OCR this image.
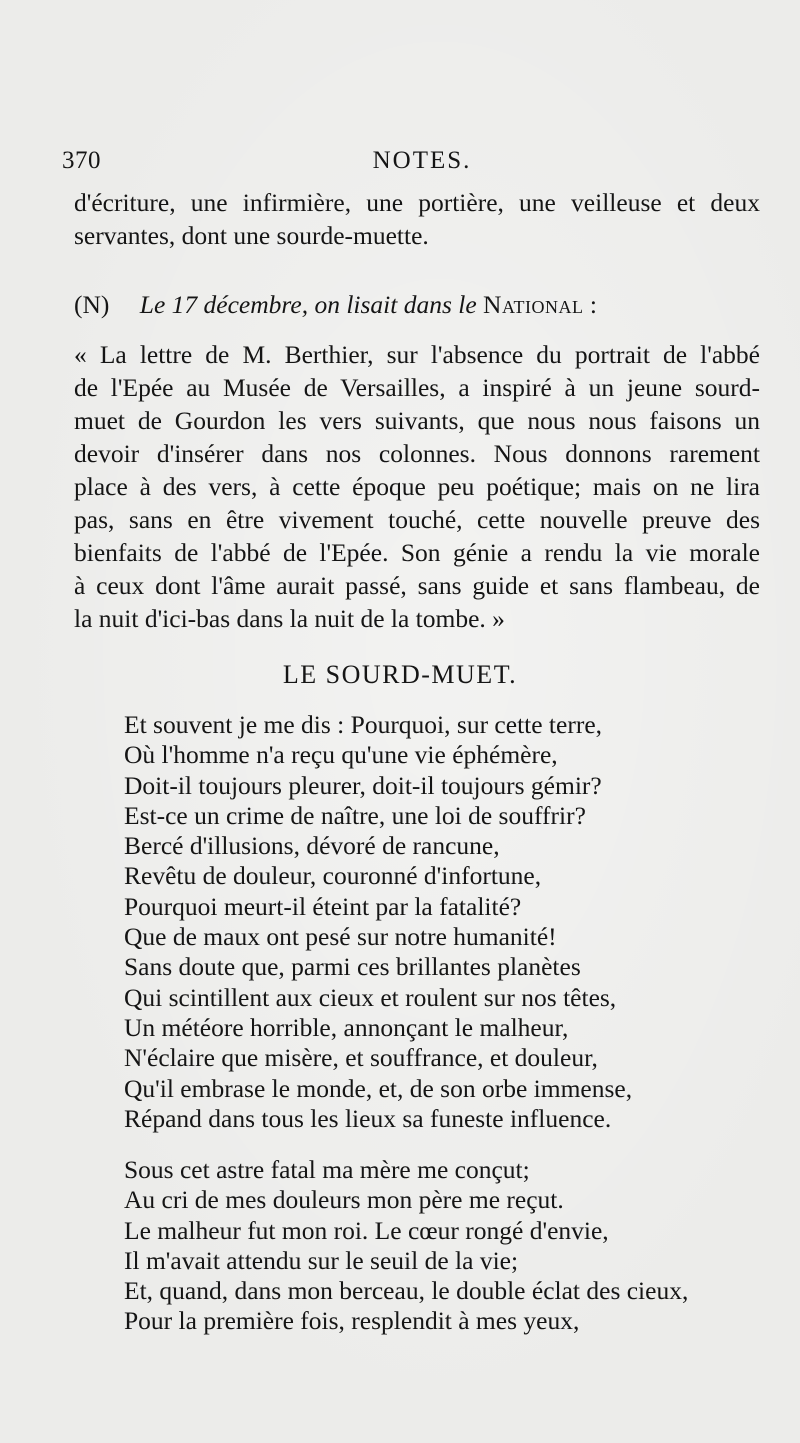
370	NOTES.
d'écriture, une infirmière, une portière, une veilleuse et deux
servantes, dont une sourde-muette.
(N) Le 17 décembre, on lisait dans le National :
« La lettre de M. Berthier, sur l'absence du portrait de l'abbé
de l'Epée au Musée de Versailles, a inspiré à un jeune sourd-
muet de Gourdon les vers suivants, que nous nous faisons un
devoir d'insérer dans nos colonnes. Nous donnons rarement
place à des vers, à cette époque peu poétique; mais on ne lira
pas, sans en être vivement touché, cette nouvelle preuve des
bienfaits de l'abbé de l'Epée. Son génie a rendu la vie morale
à ceux dont l'âme aurait passé, sans guide et sans flambeau, de
la nuit d'ici-bas dans la nuit de la tombe. »
LE SOURD-MUET.
Et souvent je me dis : Pourquoi, sur cette terre,
Où l'homme n'a reçu qu'une vie éphémère,
Doit-il toujours pleurer, doit-il toujours gémir?
Est-ce un crime de naître, une loi de souffrir?
Bercé d'illusions, dévoré de rancune,
Revêtu de douleur, couronné d'infortune,
Pourquoi meurt-il éteint par la fatalité?
Que de maux ont pesé sur notre humanité!
Sans doute que, parmi ces brillantes planètes
Qui scintillent aux cieux et roulent sur nos têtes,
Un météore horrible, annonçant le malheur,
N'éclaire que misère, et souffrance, et douleur,
Qu'il embrase le monde, et, de son orbe immense,
Répand dans tous les lieux sa funeste influence.
Sous cet astre fatal ma mère me conçut;
Au cri de mes douleurs mon père me reçut.
Le malheur fut mon roi. Le cœur rongé d'envie,
Il m'avait attendu sur le seuil de la vie;
Et, quand, dans mon berceau, le double éclat des cieux,
Pour la première fois, resplendit à mes yeux,
